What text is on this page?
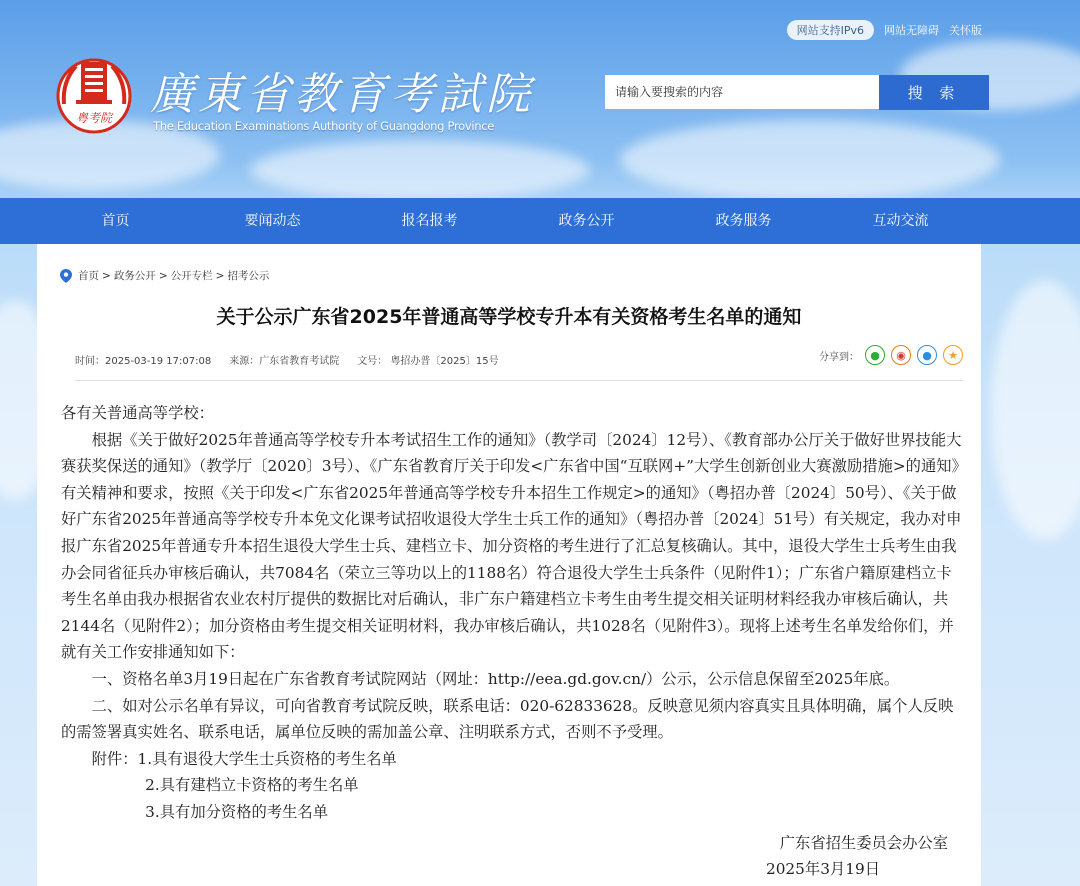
网站支持IPv6	网站无障碍 关怀版
粤考院 廣東省教育考試院
The Education Examinations Authority of Guangdong Province
请输入要搜索的内容
搜 索
首页	要闻动态	报名报考	政务公开	政务服务	互动交流
首页 > 政务公开 > 公开专栏 > 招考公示
关于公示广东省2025年普通高等学校专升本有关资格考生名单的通知
时间：2025-03-19 17:07:08 来源：广东省教育考试院 文号： 粤招办普〔2025〕15号	分享到：	●	◉	●	★

各有关普通高等学校：

根据《关于做好2025年普通高等学校专升本考试招生工作的通知》（教学司〔2024〕12号）、《教育部办公厅关于做好世界技能大赛获奖保送的通知》（教学厅〔2020〕3号）、《广东省教育厅关于印发<广东省中国“互联网+”大学生创新创业大赛激励措施>的通知》有关精神和要求，按照《关于印发<广东省2025年普通高等学校专升本招生工作规定>的通知》（粤招办普〔2024〕50号）、《关于做好广东省2025年普通高等学校专升本免文化课考试招收退役大学生士兵工作的通知》（粤招办普〔2024〕51号）有关规定，我办对申报广东省2025年普通专升本招生退役大学生士兵、建档立卡、加分资格的考生进行了汇总复核确认。其中，退役大学生士兵考生由我办会同省征兵办审核后确认，共7084名（荣立三等功以上的1188名）符合退役大学生士兵条件（见附件1）；广东省户籍原建档立卡考生名单由我办根据省农业农村厅提供的数据比对后确认，非广东户籍建档立卡考生由考生提交相关证明材料经我办审核后确认，共2144名（见附件2）；加分资格由考生提交相关证明材料，我办审核后确认，共1028名（见附件3）。现将上述考生名单发给你们，并就有关工作安排通知如下：

一、资格名单3月19日起在广东省教育考试院网站（网址：http://eea.gd.gov.cn/）公示，公示信息保留至2025年底。

二、如对公示名单有异议，可向省教育考试院反映，联系电话：020-62833628。反映意见须内容真实且具体明确，属个人反映的需签署真实姓名、联系电话，属单位反映的需加盖公章、注明联系方式，否则不予受理。

附件：1.具有退役大学生士兵资格的考生名单

2.具有建档立卡资格的考生名单

3.具有加分资格的考生名单

广东省招生委员会办公室

2025年3月19日
